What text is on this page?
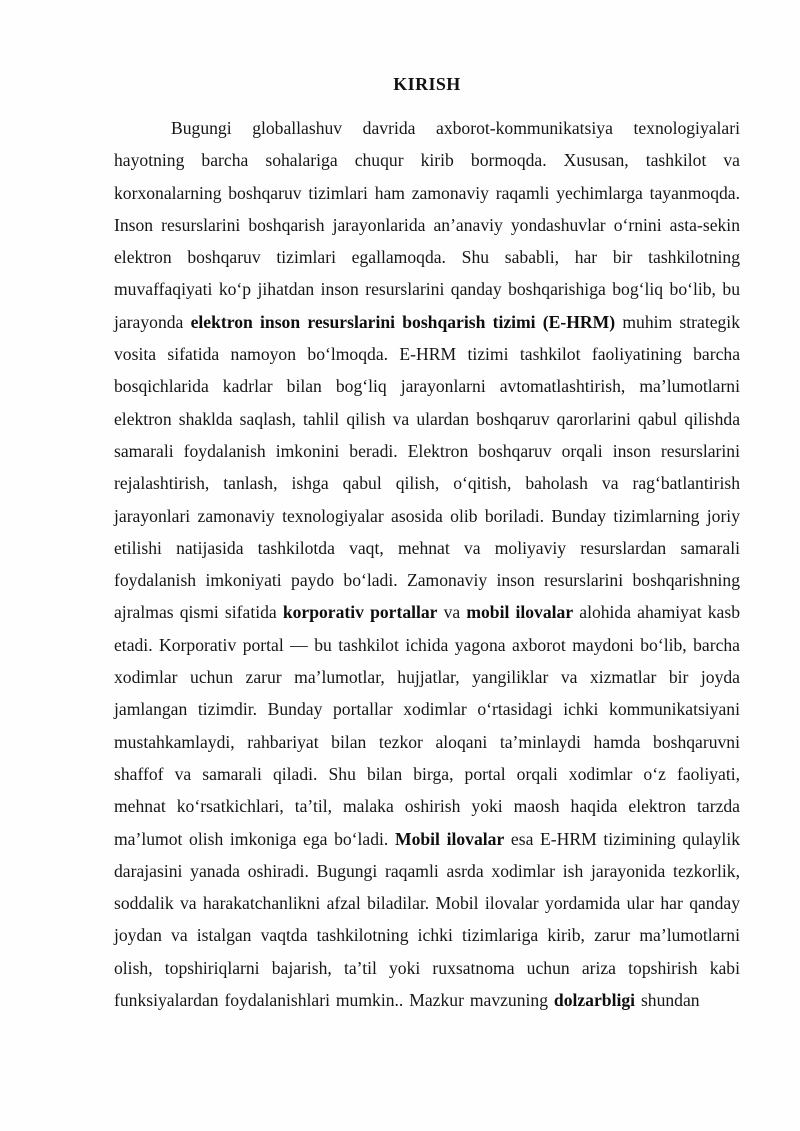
KIRISH

Bugungi globallashuv davrida axborot-kommunikatsiya texnologiyalari hayotning barcha sohalariga chuqur kirib bormoqda. Xususan, tashkilot va korxonalarning boshqaruv tizimlari ham zamonaviy raqamli yechimlarga tayanmoqda. Inson resurslarini boshqarish jarayonlarida an’anaviy yondashuvlar o‘rnini asta-sekin elektron boshqaruv tizimlari egallamoqda. Shu sababli, har bir tashkilotning muvaffaqiyati ko‘p jihatdan inson resurslarini qanday boshqarishiga bog‘liq bo‘lib, bu jarayonda elektron inson resurslarini boshqarish tizimi (E-HRM) muhim strategik vosita sifatida namoyon bo‘lmoqda. E-HRM tizimi tashkilot faoliyatining barcha bosqichlarida kadrlar bilan bog‘liq jarayonlarni avtomatlashtirish, ma’lumotlarni elektron shaklda saqlash, tahlil qilish va ulardan boshqaruv qarorlarini qabul qilishda samarali foydalanish imkonini beradi. Elektron boshqaruv orqali inson resurslarini rejalashtirish, tanlash, ishga qabul qilish, o‘qitish, baholash va rag‘batlantirish jarayonlari zamonaviy texnologiyalar asosida olib boriladi. Bunday tizimlarning joriy etilishi natijasida tashkilotda vaqt, mehnat va moliyaviy resurslardan samarali foydalanish imkoniyati paydo bo‘ladi. Zamonaviy inson resurslarini boshqarishning ajralmas qismi sifatida korporativ portallar va mobil ilovalar alohida ahamiyat kasb etadi. Korporativ portal — bu tashkilot ichida yagona axborot maydoni bo‘lib, barcha xodimlar uchun zarur ma’lumotlar, hujjatlar, yangiliklar va xizmatlar bir joyda jamlangan tizimdir. Bunday portallar xodimlar o‘rtasidagi ichki kommunikatsiyani mustahkamlaydi, rahbariyat bilan tezkor aloqani ta’minlaydi hamda boshqaruvni shaffof va samarali qiladi. Shu bilan birga, portal orqali xodimlar o‘z faoliyati, mehnat ko‘rsatkichlari, ta’til, malaka oshirish yoki maosh haqida elektron tarzda ma’lumot olish imkoniga ega bo‘ladi. Mobil ilovalar esa E-HRM tizimining qulaylik darajasini yanada oshiradi. Bugungi raqamli asrda xodimlar ish jarayonida tezkorlik, soddalik va harakatchanlikni afzal biladilar. Mobil ilovalar yordamida ular har qanday joydan va istalgan vaqtda tashkilotning ichki tizimlariga kirib, zarur ma’lumotlarni olish, topshiriqlarni bajarish, ta’til yoki ruxsatnoma uchun ariza topshirish kabi funksiyalardan foydalanishlari mumkin.. Mazkur mavzuning dolzarbligi shundan
